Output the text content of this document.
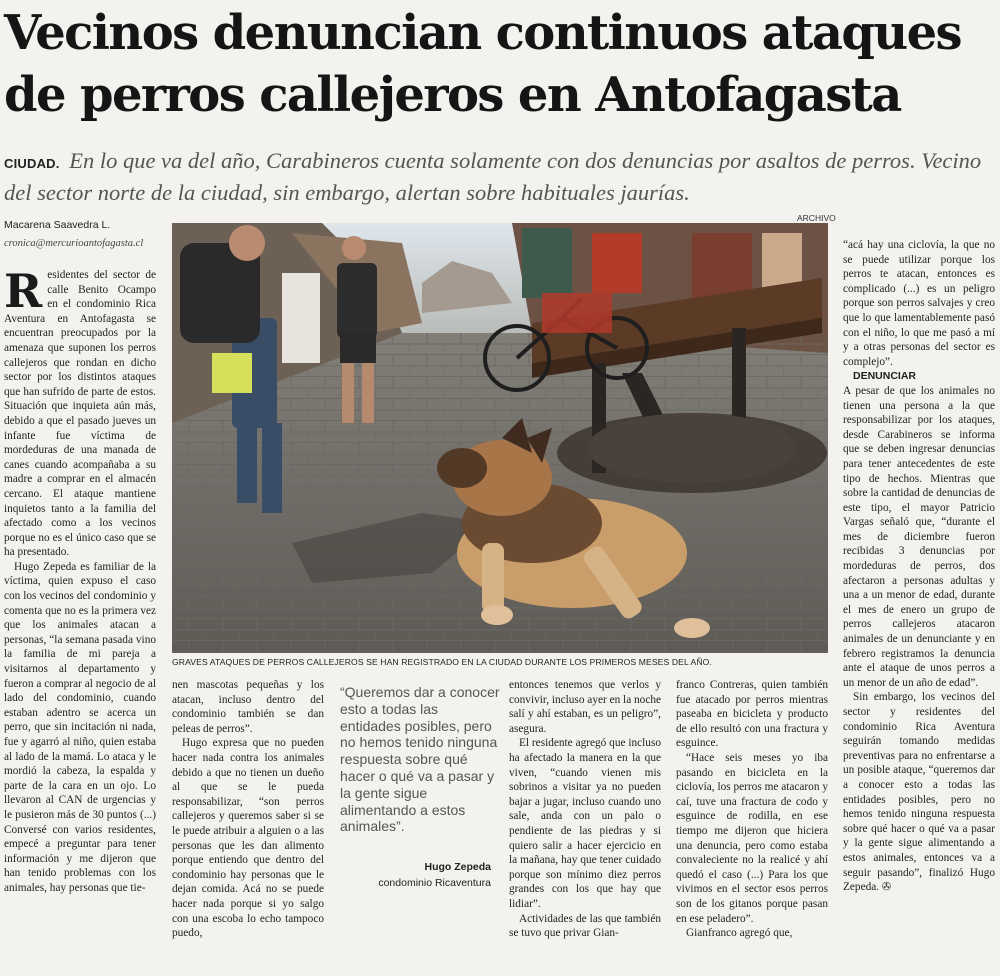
Vecinos denuncian continuos ataques
de perros callejeros en Antofagasta
CIUDAD. En lo que va del año, Carabineros cuenta solamente con dos denuncias por asaltos de perros. Vecino del sector norte de la ciudad, sin embargo, alertan sobre habituales jaurías.
Macarena Saavedra L.
cronica@mercurioantofagasta.cl
ARCHIVO
GRAVES ATAQUES DE PERROS CALLEJEROS SE HAN REGISTRADO EN LA CIUDAD DURANTE LOS PRIMEROS MESES DEL AÑO.

Residentes del sector de calle Benito Ocampo en el condominio Rica Aventura en Antofagasta se encuentran preocupados por la amenaza que suponen los perros callejeros que rondan en dicho sector por los distintos ataques que han sufrido de parte de estos. Situación que inquieta aún más, debido a que el pasado jueves un infante fue víctima de mordeduras de una manada de canes cuando acompañaba a su madre a comprar en el almacén cercano. El ataque mantiene inquietos tanto a la familia del afectado como a los vecinos porque no es el único caso que se ha presentado.

Hugo Zepeda es familiar de la víctima, quien expuso el caso con los vecinos del condominio y comenta que no es la primera vez que los animales atacan a personas, “la semana pasada vino la familia de mi pareja a visitarnos al departamento y fueron a comprar al negocio de al lado del condominio, cuando estaban adentro se acerca un perro, que sin incitación ni nada, fue y agarró al niño, quien estaba al lado de la mamá. Lo ataca y le mordió la cabeza, la espalda y parte de la cara en un ojo. Lo llevaron al CAN de urgencias y le pusieron más de 30 puntos (...) Conversé con varios residentes, empecé a preguntar para tener información y me dijeron que han tenido problemas con los animales, hay personas que tie-

nen mascotas pequeñas y los atacan, incluso dentro del condominio también se dan peleas de perros”.

Hugo expresa que no pueden hacer nada contra los animales debido a que no tienen un dueño al que se le pueda responsabilizar, “son perros callejeros y queremos saber si se le puede atribuir a alguien o a las personas que les dan alimento porque entiendo que dentro del condominio hay personas que le dejan comida. Acá no se puede hacer nada porque si yo salgo con una escoba lo echo tampoco puedo,

“Queremos dar a conocer esto a todas las entidades posibles, pero no hemos tenido ninguna respuesta sobre qué hacer o qué va a pasar y la gente sigue alimentando a estos animales”.
Hugo Zepeda
condominio Ricaventura

entonces tenemos que verlos y convivir, incluso ayer en la noche salí y ahí estaban, es un peligro”, asegura.

El residente agregó que incluso ha afectado la manera en la que viven, “cuando vienen mis sobrinos a visitar ya no pueden bajar a jugar, incluso cuando uno sale, anda con un palo o pendiente de las piedras y si quiero salir a hacer ejercicio en la mañana, hay que tener cuidado porque son mínimo diez perros grandes con los que hay que lidiar”.

Actividades de las que también se tuvo que privar Gian-

franco Contreras, quien también fue atacado por perros mientras paseaba en bicicleta y producto de ello resultó con una fractura y esguince.

“Hace seis meses yo iba pasando en bicicleta en la ciclovía, los perros me atacaron y caí, tuve una fractura de codo y esguince de rodilla, en ese tiempo me dijeron que hiciera una denuncia, pero como estaba convaleciente no la realicé y ahí quedó el caso (...) Para los que vivimos en el sector esos perros son de los gitanos porque pasan en ese peladero”.

Gianfranco agregó que,

“acá hay una ciclovía, la que no se puede utilizar porque los perros te atacan, entonces es complicado (...) es un peligro porque son perros salvajes y creo que lo que lamentablemente pasó con el niño, lo que me pasó a mí y a otras personas del sector es complejo”.

DENUNCIAR

A pesar de que los animales no tienen una persona a la que responsabilizar por los ataques, desde Carabineros se informa que se deben ingresar denuncias para tener antecedentes de este tipo de hechos. Mientras que sobre la cantidad de denuncias de este tipo, el mayor Patricio Vargas señaló que, “durante el mes de diciembre fueron recibidas 3 denuncias por mordeduras de perros, dos afectaron a personas adultas y una a un menor de edad, durante el mes de enero un grupo de perros callejeros atacaron animales de un denunciante y en febrero registramos la denuncia ante el ataque de unos perros a un menor de un año de edad”.

Sin embargo, los vecinos del sector y residentes del condominio Rica Aventura seguirán tomando medidas preventivas para no enfrentarse a un posible ataque, “queremos dar a conocer esto a todas las entidades posibles, pero no hemos tenido ninguna respuesta sobre qué hacer o qué va a pasar y la gente sigue alimentando a estos animales, entonces va a seguir pasando”, finalizó Hugo Zepeda. ✇
